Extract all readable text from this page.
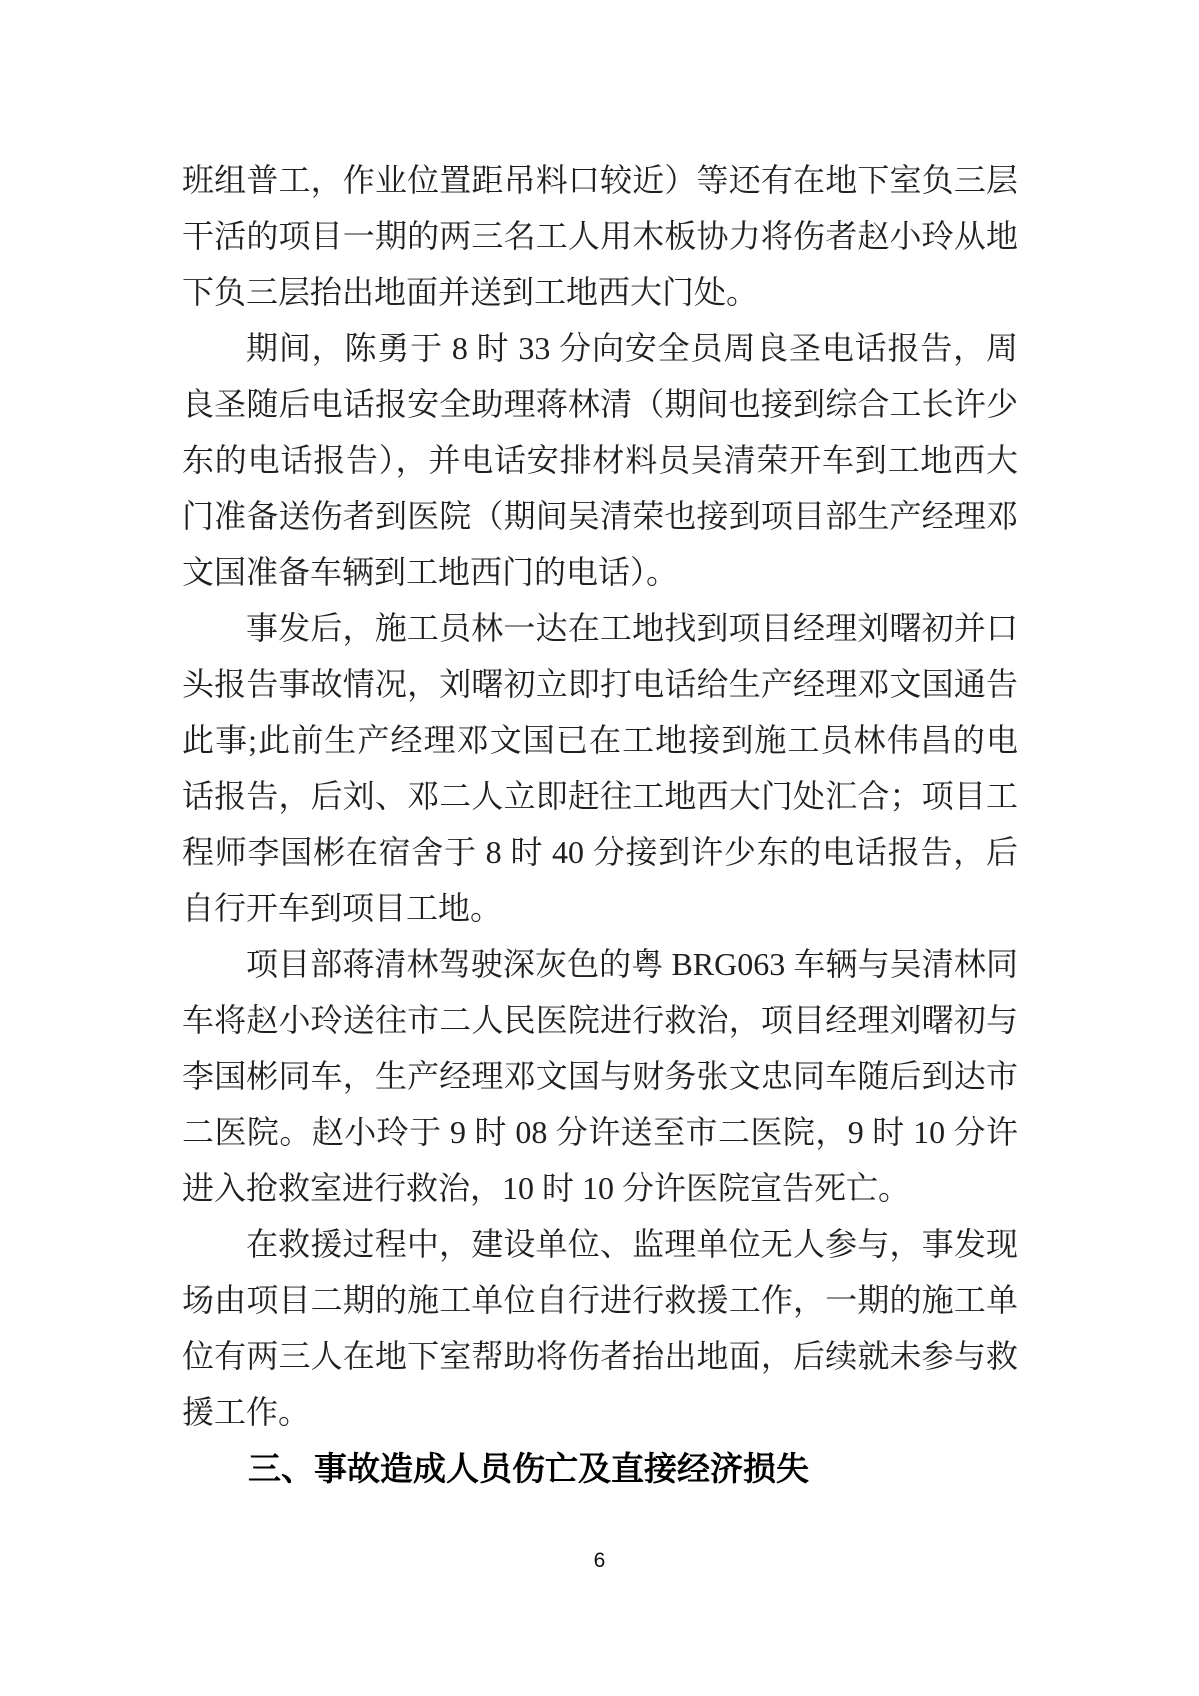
班组普工，作业位置距吊料口较近）等还有在地下室负三层干活的项目一期的两三名工人用木板协力将伤者赵小玲从地下负三层抬出地面并送到工地西大门处。

期间，陈勇于 8 时 33 分向安全员周良圣电话报告，周良圣随后电话报安全助理蒋林清（期间也接到综合工长许少东的电话报告），并电话安排材料员吴清荣开车到工地西大门准备送伤者到医院（期间吴清荣也接到项目部生产经理邓文国准备车辆到工地西门的电话）。

事发后，施工员林一达在工地找到项目经理刘曙初并口头报告事故情况，刘曙初立即打电话给生产经理邓文国通告此事;此前生产经理邓文国已在工地接到施工员林伟昌的电话报告，后刘、邓二人立即赶往工地西大门处汇合；项目工程师李国彬在宿舍于 8 时 40 分接到许少东的电话报告，后自行开车到项目工地。

项目部蒋清林驾驶深灰色的粤 BRG063 车辆与吴清林同车将赵小玲送往市二人民医院进行救治，项目经理刘曙初与李国彬同车，生产经理邓文国与财务张文忠同车随后到达市二医院。赵小玲于 9 时 08 分许送至市二医院，9 时 10 分许进入抢救室进行救治，10 时 10 分许医院宣告死亡。

在救援过程中，建设单位、监理单位无人参与，事发现场由项目二期的施工单位自行进行救援工作，一期的施工单位有两三人在地下室帮助将伤者抬出地面，后续就未参与救援工作。

三、事故造成人员伤亡及直接经济损失
6
